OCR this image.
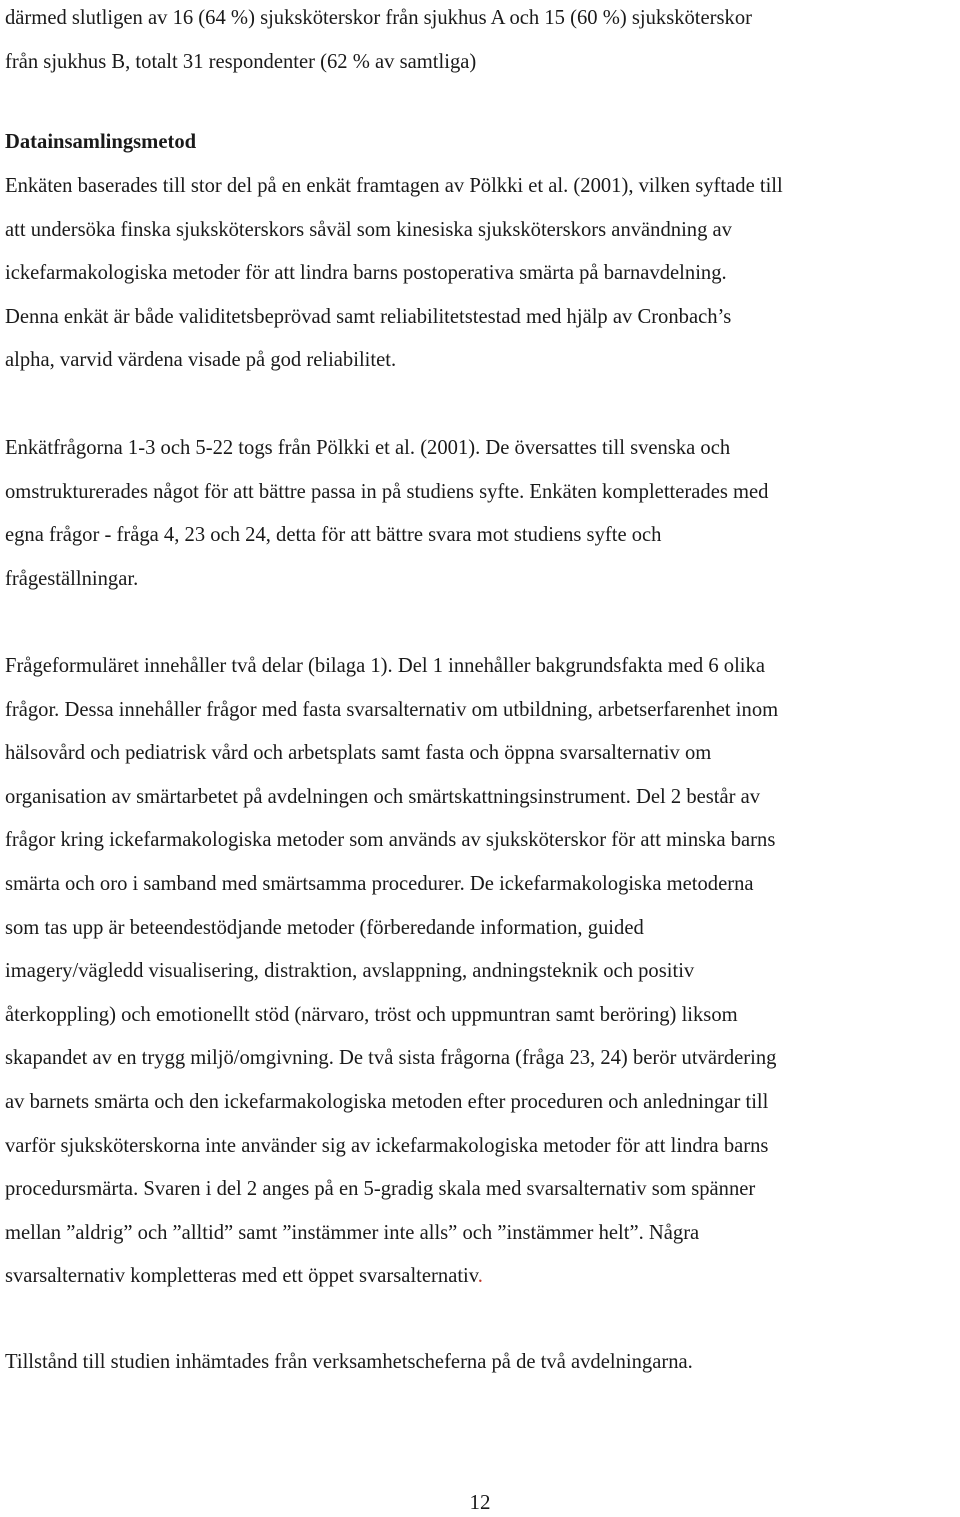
därmed slutligen av 16 (64 %) sjuksköterskor från sjukhus A och 15 (60 %) sjuksköterskor
från sjukhus B, totalt 31 respondenter (62 % av samtliga)

Datainsamlingsmetod

Enkäten baserades till stor del på en enkät framtagen av Pölkki et al. (2001), vilken syftade till
att undersöka finska sjuksköterskors såväl som kinesiska sjuksköterskors användning av
ickefarmakologiska metoder för att lindra barns postoperativa smärta på barnavdelning.
Denna enkät är både validitetsbeprövad samt reliabilitetstestad med hjälp av Cronbach’s
alpha, varvid värdena visade på god reliabilitet.

Enkätfrågorna 1-3 och 5-22 togs från Pölkki et al. (2001). De översattes till svenska och
omstrukturerades något för att bättre passa in på studiens syfte. Enkäten kompletterades med
egna frågor - fråga 4, 23 och 24, detta för att bättre svara mot studiens syfte och
frågeställningar.

Frågeformuläret innehåller två delar (bilaga 1). Del 1 innehåller bakgrundsfakta med 6 olika
frågor. Dessa innehåller frågor med fasta svarsalternativ om utbildning, arbetserfarenhet inom
hälsovård och pediatrisk vård och arbetsplats samt fasta och öppna svarsalternativ om
organisation av smärtarbetet på avdelningen och smärtskattningsinstrument. Del 2 består av
frågor kring ickefarmakologiska metoder som används av sjuksköterskor för att minska barns
smärta och oro i samband med smärtsamma procedurer. De ickefarmakologiska metoderna
som tas upp är beteendestödjande metoder (förberedande information, guided
imagery/vägledd visualisering, distraktion, avslappning, andningsteknik och positiv
återkoppling) och emotionellt stöd (närvaro, tröst och uppmuntran samt beröring) liksom
skapandet av en trygg miljö/omgivning. De två sista frågorna (fråga 23, 24) berör utvärdering
av barnets smärta och den ickefarmakologiska metoden efter proceduren och anledningar till
varför sjuksköterskorna inte använder sig av ickefarmakologiska metoder för att lindra barns
procedursmärta. Svaren i del 2 anges på en 5-gradig skala med svarsalternativ som spänner
mellan ”aldrig” och ”alltid” samt ”instämmer inte alls” och ”instämmer helt”. Några
svarsalternativ kompletteras med ett öppet svarsalternativ.

Tillstånd till studien inhämtades från verksamhetscheferna på de två avdelningarna.

12
